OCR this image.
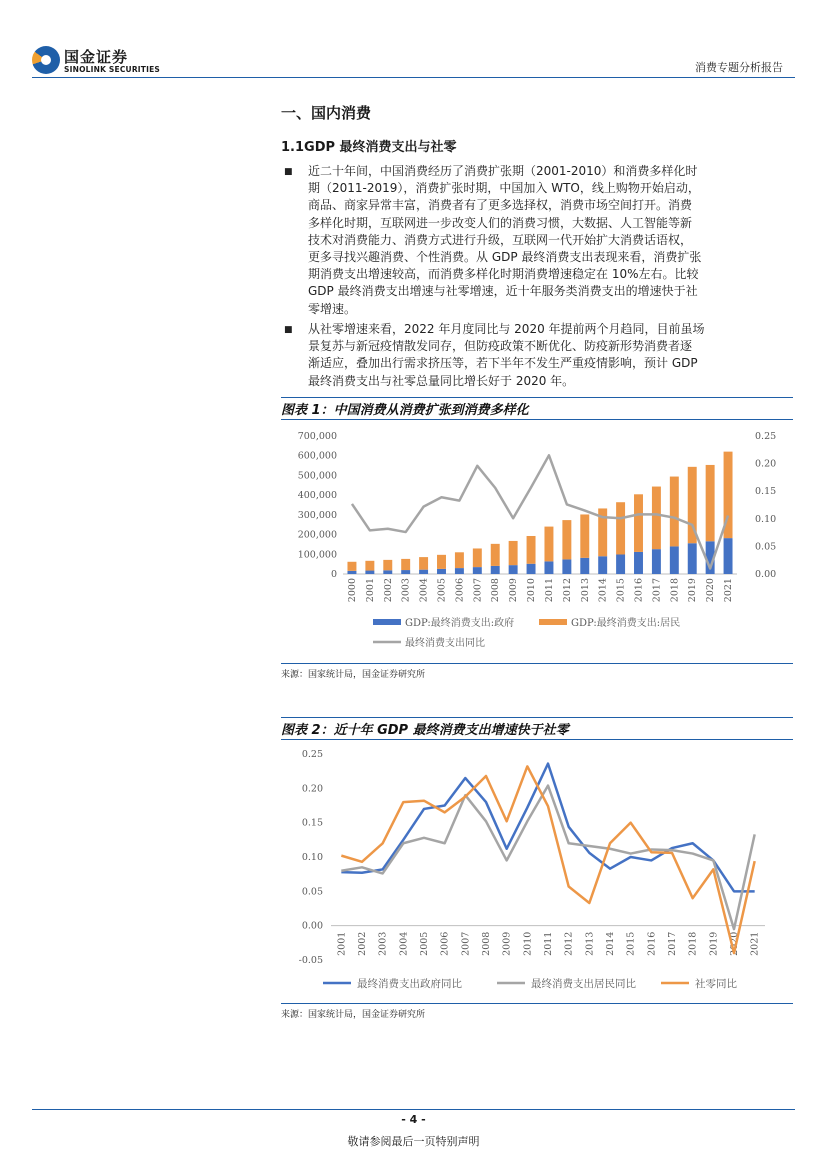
国金证券
SINOLINK SECURITIES	消费专题分析报告
一、国内消费
1.1GDP 最终消费支出与社零
■ 近二十年间，中国消费经历了消费扩张期（2001-2010）和消费多样化时
期（2011-2019），消费扩张时期，中国加入 WTO，线上购物开始启动，
商品、商家异常丰富，消费者有了更多选择权，消费市场空间打开。消费
多样化时期，互联网进一步改变人们的消费习惯，大数据、人工智能等新
技术对消费能力、消费方式进行升级，互联网一代开始扩大消费话语权，
更多寻找兴趣消费、个性消费。从 GDP 最终消费支出表现来看，消费扩张
期消费支出增速较高，而消费多样化时期消费增速稳定在 10%左右。比较
GDP 最终消费支出增速与社零增速，近十年服务类消费支出的增速快于社
零增速。
■ 从社零增速来看，2022 年月度同比与 2020 年提前两个月趋同，目前虽场
景复苏与新冠疫情散发同存，但防疫政策不断优化、防疫新形势消费者逐
渐适应，叠加出行需求挤压等，若下半年不发生严重疫情影响，预计 GDP
最终消费支出与社零总量同比增长好于 2020 年。
图表 1：中国消费从消费扩张到消费多样化
700,000
600,000
500,000
400,000
300,000
200,000
100,000
0
0.25
0.20
0.15
0.10
0.05
0.00
2000 2001 2002 2003 2004 2005 2006 2007 2008 2009 2010 2011 2012 2013 2014 2015 2016 2017 2018 2019 2020 2021
GDP:最终消费支出:政府	GDP:最终消费支出:居民
最终消费支出同比
来源：国家统计局，国金证券研究所
图表 2：近十年 GDP 最终消费支出增速快于社零
0.25
0.20
0.15
0.10
0.05
0.00
-0.05
2001 2002 2003 2004 2005 2006 2007 2008 2009 2010 2011 2012 2013 2014 2015 2016 2017 2018 2019 2020 2021
最终消费支出政府同比	最终消费支出居民同比	社零同比
来源：国家统计局，国金证券研究所
- 4 -
敬请参阅最后一页特别声明
